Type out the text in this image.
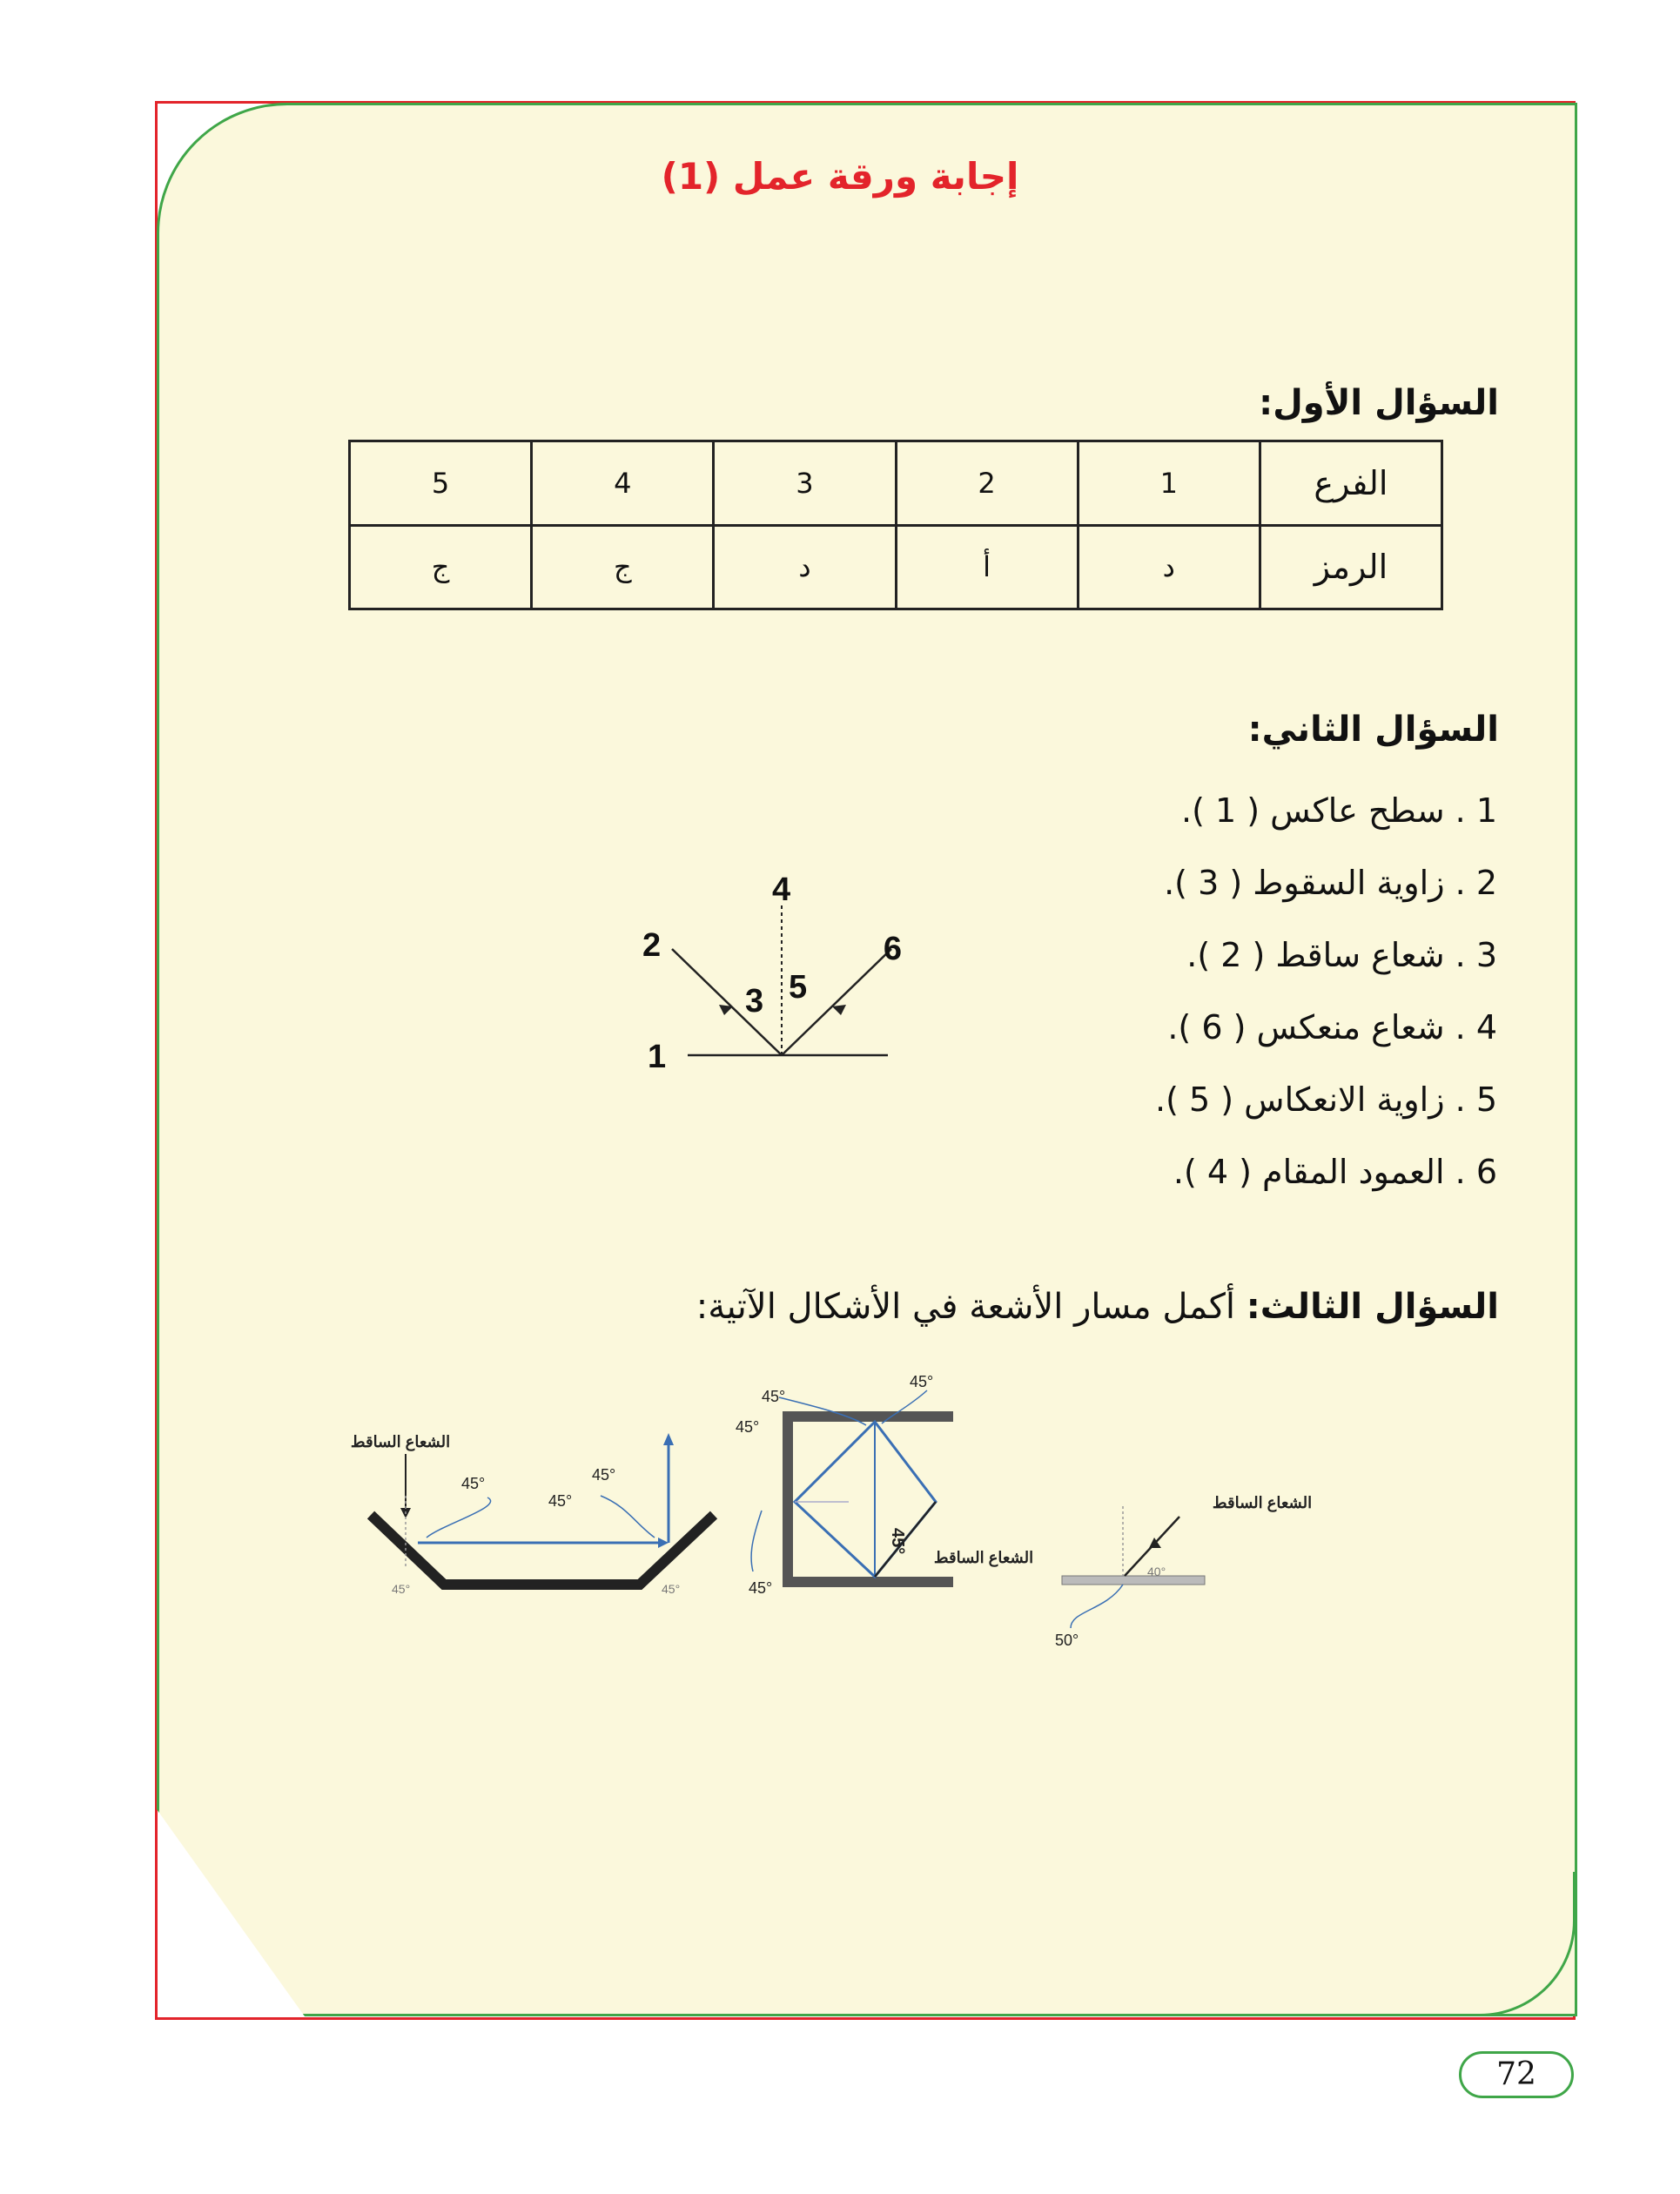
إجابة ورقة عمل (1)
السؤال الأول:
الفرع	1	2	3	4	5
الرمز	د	أ	د	ج	ج
السؤال الثاني:
1 . سطح عاكس ( 1 ).
2 . زاوية السقوط ( 3 ).
3 . شعاع ساقط ( 2 ).
4 . شعاع منعكس ( 6 ).
5 . زاوية الانعكاس ( 5 ).
6 . العمود المقام ( 4 ).
4
2	6
3 5
1
السؤال الثالث: أكمل مسار الأشعة في الأشكال الآتية:
الشعاع الساقط
45°
45°
45°
45°	45°
الشعاع الساقط
45°
45°
45°
45°
45°
الشعاع الساقط
40°
50°
72
